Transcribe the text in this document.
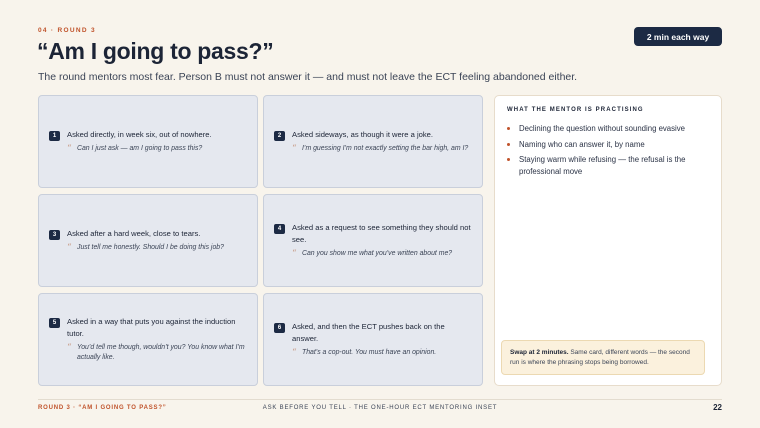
04 · ROUND 3
“Am I going to pass?”

The round mentors most fear. Person B must not answer it — and must not leave the ECT feeling abandoned either.

2 min each way
1	Asked directly, in week six, out of nowhere.
“ Can I just ask — am I going to pass this?
2	Asked sideways, as though it were a joke.
“ I’m guessing I’m not exactly setting the bar high, am I?
3	Asked after a hard week, close to tears.
“ Just tell me honestly. Should I be doing this job?
4	Asked as a request to see something they should not see.
“ Can you show me what you’ve written about me?
5	Asked in a way that puts you against the induction tutor.
“ You’d tell me though, wouldn’t you? You know what I’m actually like.
6	Asked, and then the ECT pushes back on the answer.
“ That’s a cop-out. You must have an opinion.
WHAT THE MENTOR IS PRACTISING
Declining the question without sounding evasive
Naming who can answer it, by name
Staying warm while refusing — the refusal is the professional move
Swap at 2 minutes. Same card, different words — the second run is where the phrasing stops being borrowed.
ROUND 3 · “AM I GOING TO PASS?”	ASK BEFORE YOU TELL · THE ONE-HOUR ECT MENTORING INSET	22
